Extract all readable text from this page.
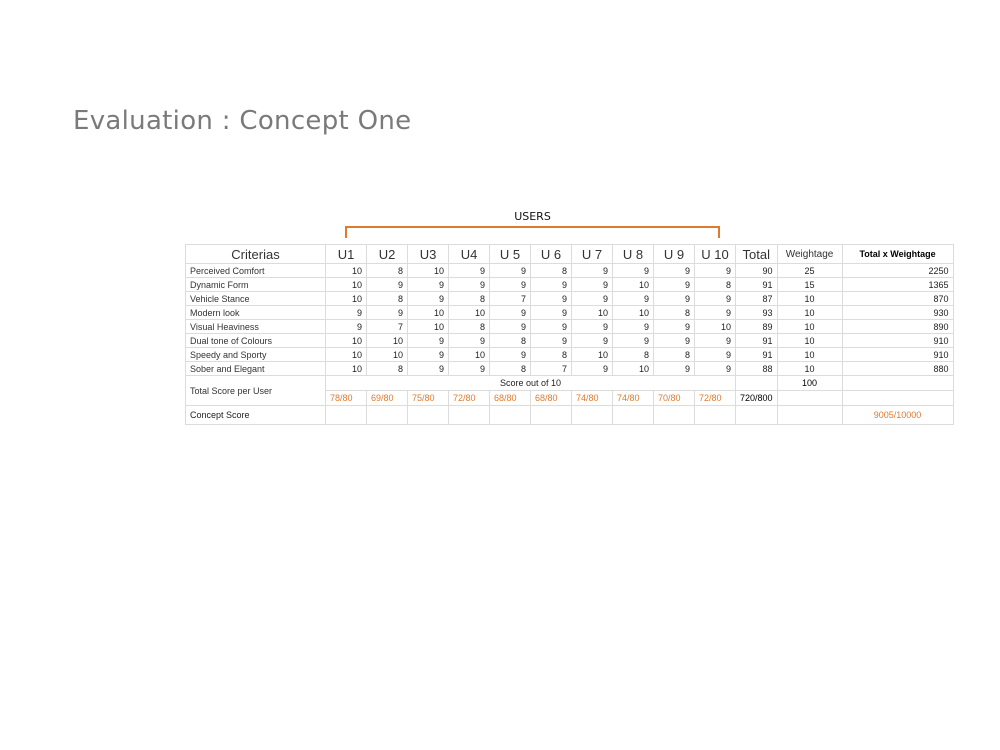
Evaluation : Concept One
USERS
Criterias	U1	U2	U3	U4	U 5	U 6	U 7	U 8	U 9	U 10	Total	Weightage	Total x Weightage
Perceived Comfort	10	8	10	9	9	8	9	9	9	9	90	25	2250
Dynamic Form	10	9	9	9	9	9	9	10	9	8	91	15	1365
Vehicle Stance	10	8	9	8	7	9	9	9	9	9	87	10	870
Modern look	9	9	10	10	9	9	10	10	8	9	93	10	930
Visual Heaviness	9	7	10	8	9	9	9	9	9	10	89	10	890
Dual tone of Colours	10	10	9	9	8	9	9	9	9	9	91	10	910
Speedy and Sporty	10	10	9	10	9	8	10	8	8	9	91	10	910
Sober and Elegant	10	8	9	9	8	7	9	10	9	9	88	10	880
Total Score per User	Score out of 10											100	
	78/80	69/80	75/80	72/80	68/80	68/80	74/80	74/80	70/80	72/80	720/800		
Concept Score													9005/10000
